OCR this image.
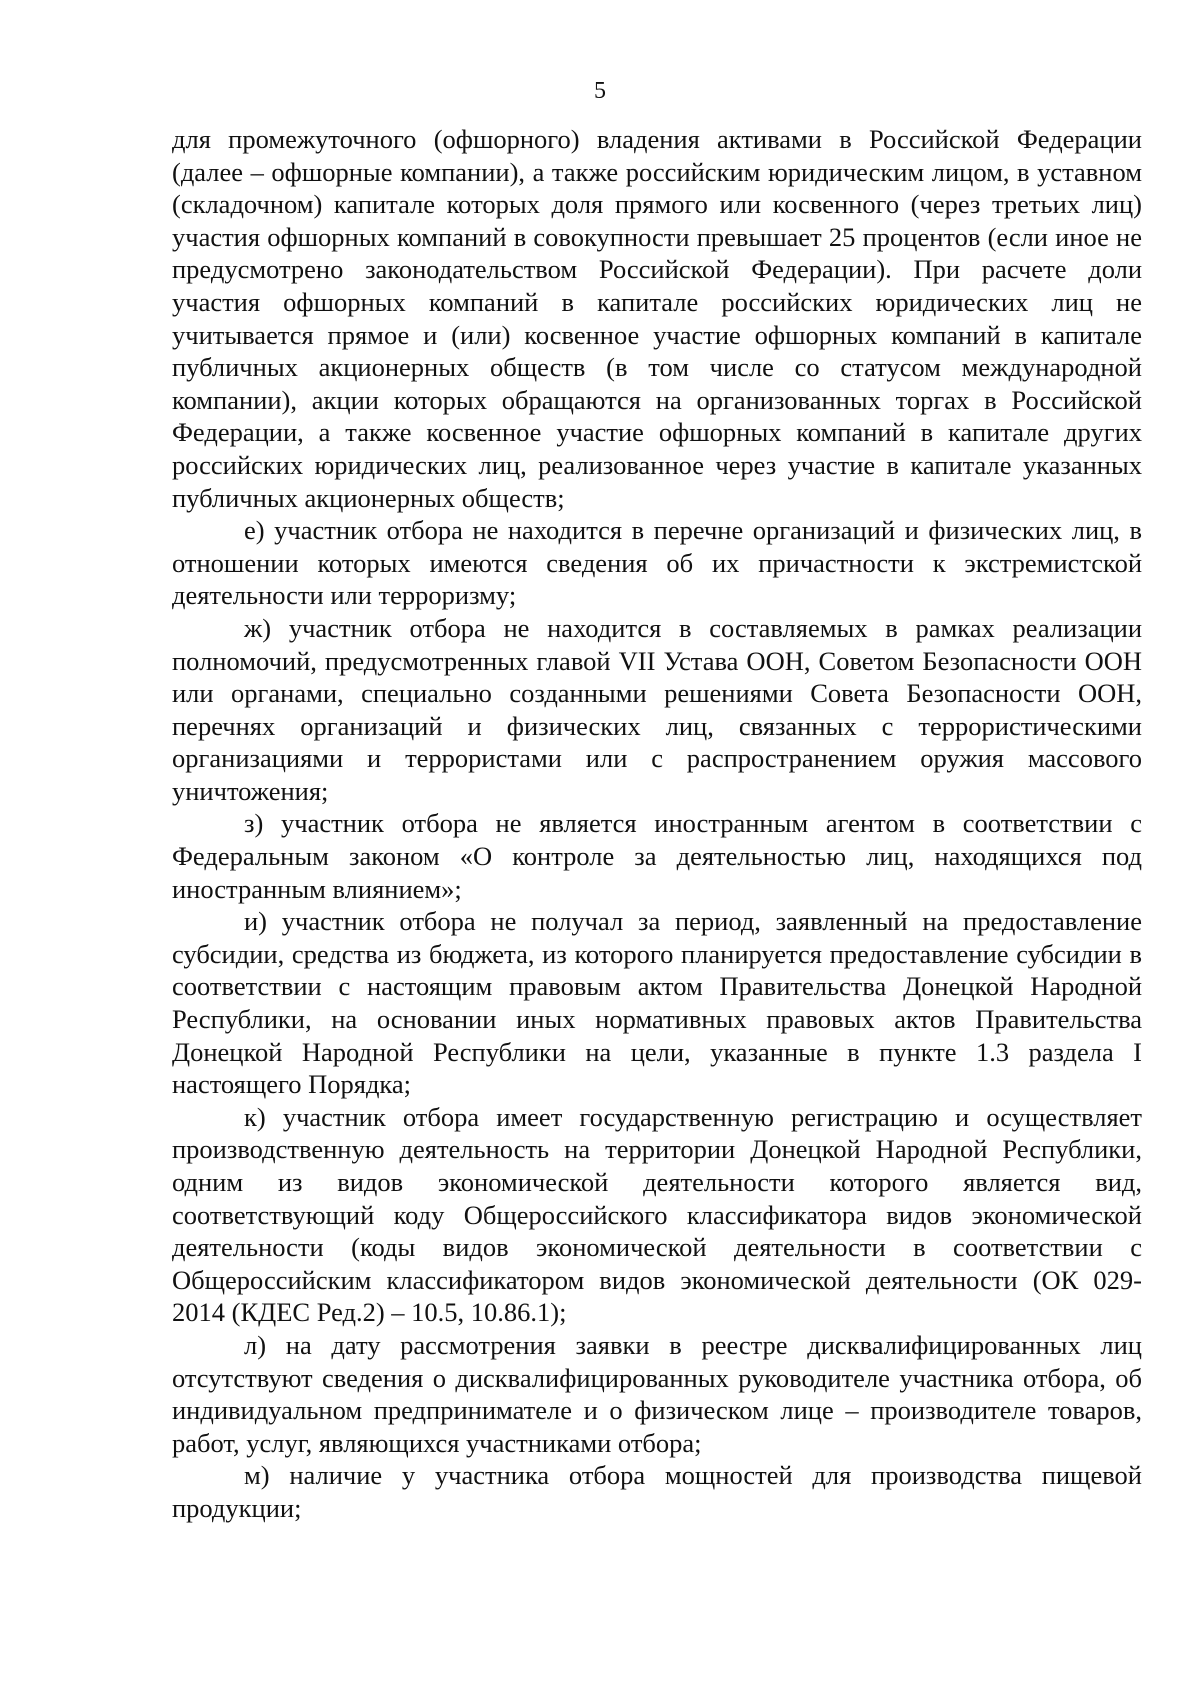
5

для промежуточного (офшорного) владения активами в Российской Федерации (далее – офшорные компании), а также российским юридическим лицом, в уставном (складочном) капитале которых доля прямого или косвенного (через третьих лиц) участия офшорных компаний в совокупности превышает 25 процентов (если иное не предусмотрено законодательством Российской Федерации). При расчете доли участия офшорных компаний в капитале российских юридических лиц не учитывается прямое и (или) косвенное участие офшорных компаний в капитале публичных акционерных обществ (в том числе со статусом международной компании), акции которых обращаются на организованных торгах в Российской Федерации, а также косвенное участие офшорных компаний в капитале других российских юридических лиц, реализованное через участие в капитале указанных публичных акционерных обществ;

е) участник отбора не находится в перечне организаций и физических лиц, в отношении которых имеются сведения об их причастности к экстремистской деятельности или терроризму;

ж) участник отбора не находится в составляемых в рамках реализации полномочий, предусмотренных главой VII Устава ООН, Советом Безопасности ООН или органами, специально созданными решениями Совета Безопасности ООН, перечнях организаций и физических лиц, связанных с террористическими организациями и террористами или с распространением оружия массового уничтожения;

з) участник отбора не является иностранным агентом в соответствии с Федеральным законом «О контроле за деятельностью лиц, находящихся под иностранным влиянием»;

и) участник отбора не получал за период, заявленный на предоставление субсидии, средства из бюджета, из которого планируется предоставление субсидии в соответствии с настоящим правовым актом Правительства Донецкой Народной Республики, на основании иных нормативных правовых актов Правительства Донецкой Народной Республики на цели, указанные в пункте 1.3 раздела I настоящего Порядка;

к) участник отбора имеет государственную регистрацию и осуществляет производственную деятельность на территории Донецкой Народной Республики, одним из видов экономической деятельности которого является вид, соответствующий коду Общероссийского классификатора видов экономической деятельности (коды видов экономической деятельности в соответствии с Общероссийским классификатором видов экономической деятельности (ОК 029-2014 (КДЕС Ред.2) – 10.5, 10.86.1);

л) на дату рассмотрения заявки в реестре дисквалифицированных лиц отсутствуют сведения о дисквалифицированных руководителе участника отбора, об индивидуальном предпринимателе и о физическом лице – производителе товаров, работ, услуг, являющихся участниками отбора;

м) наличие у участника отбора мощностей для производства пищевой продукции;
